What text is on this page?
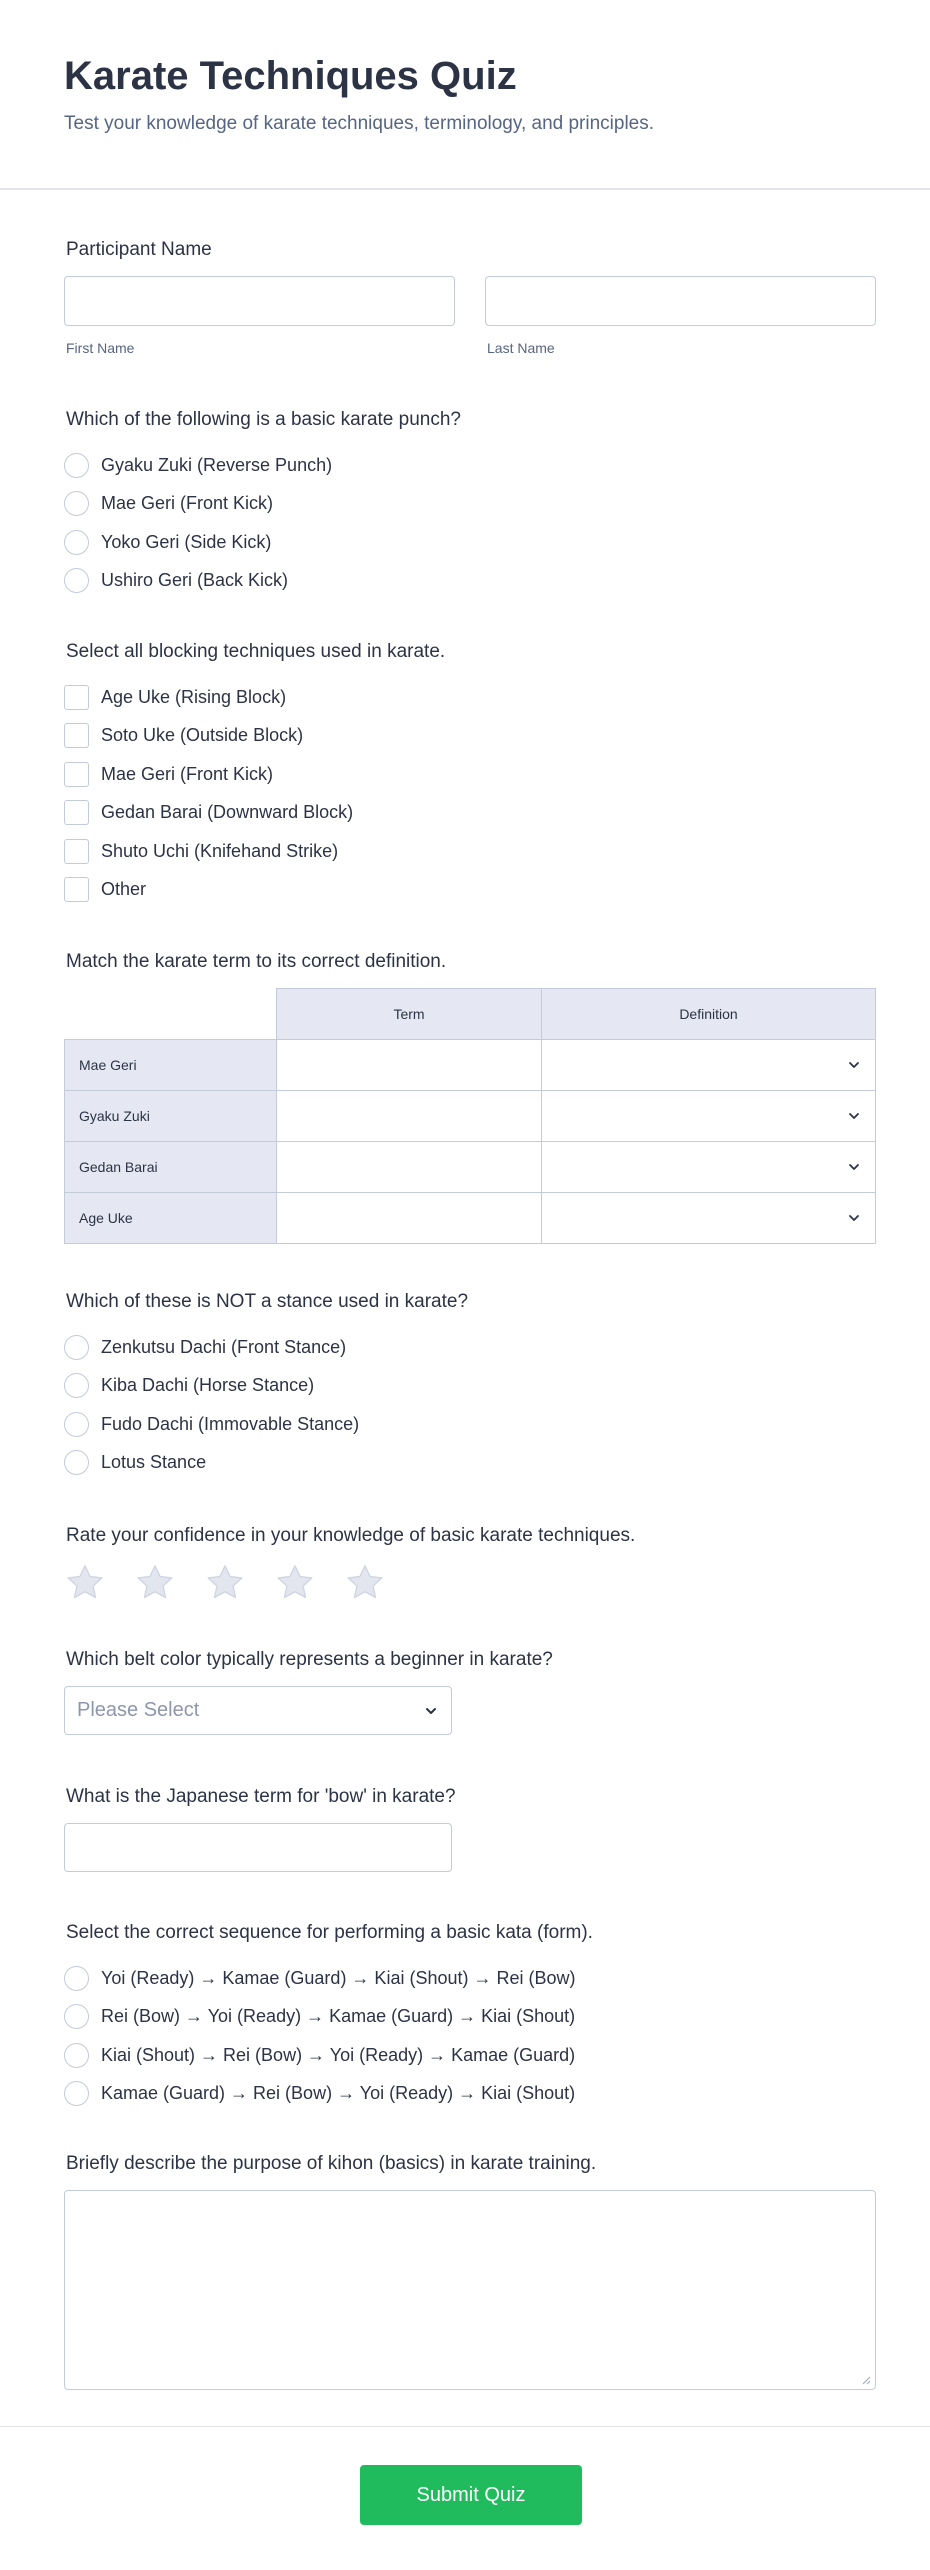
Karate Techniques Quiz

Test your knowledge of karate techniques, terminology, and principles.

Participant Name
First Name	Last Name
Which of the following is a basic karate punch?
Gyaku Zuki (Reverse Punch)
Mae Geri (Front Kick)
Yoko Geri (Side Kick)
Ushiro Geri (Back Kick)
Select all blocking techniques used in karate.
Age Uke (Rising Block)
Soto Uke (Outside Block)
Mae Geri (Front Kick)
Gedan Barai (Downward Block)
Shuto Uchi (Knifehand Strike)
Other
Match the karate term to its correct definition.
	Term	Definition
Mae Geri		

Gyaku Zuki		

Gedan Barai		

Age Uke		
Which of these is NOT a stance used in karate?
Zenkutsu Dachi (Front Stance)
Kiba Dachi (Horse Stance)
Fudo Dachi (Immovable Stance)
Lotus Stance
Rate your confidence in your knowledge of basic karate techniques.
Which belt color typically represents a beginner in karate?
Please Select
What is the Japanese term for 'bow' in karate?
Select the correct sequence for performing a basic kata (form).
Yoi (Ready) → Kamae (Guard) → Kiai (Shout) → Rei (Bow)
Rei (Bow) → Yoi (Ready) → Kamae (Guard) → Kiai (Shout)
Kiai (Shout) → Rei (Bow) → Yoi (Ready) → Kamae (Guard)
Kamae (Guard) → Rei (Bow) → Yoi (Ready) → Kiai (Shout)
Briefly describe the purpose of kihon (basics) in karate training.
Submit Quiz
